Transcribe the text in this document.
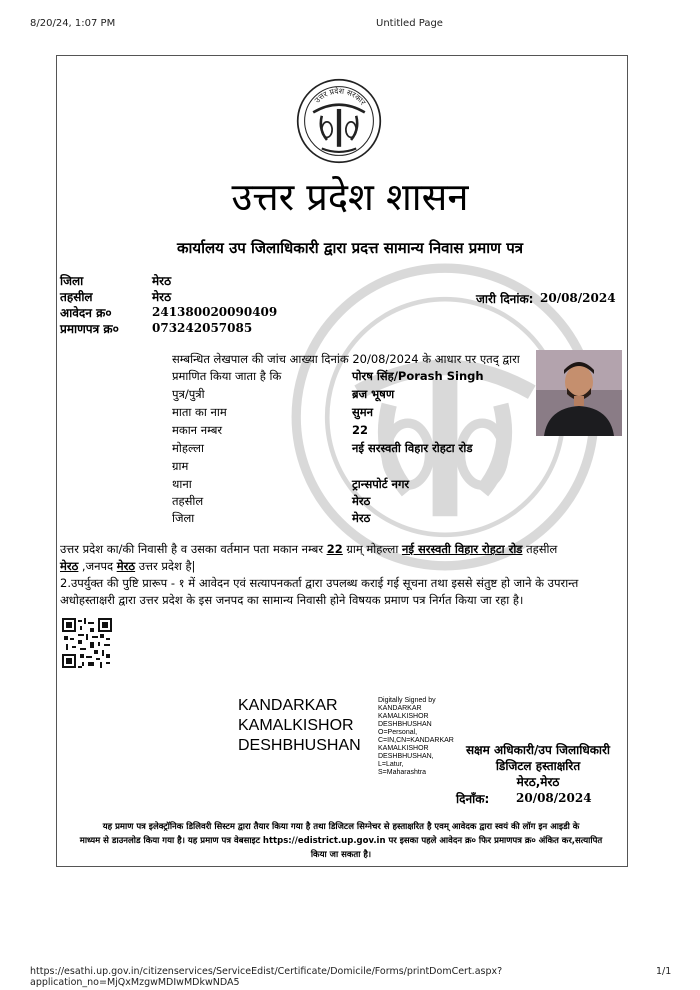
8/20/24, 1:07 PM	Untitled Page
उत्तर प्रदेश सरकार
उत्तर प्रदेश शासन
कार्यालय उप जिलाधिकारी द्वारा प्रदत्त सामान्य निवास प्रमाण पत्र
जिला	मेरठ
तहसील	मेरठ
आवेदन क्र०	241380020090409
प्रमाणपत्र क्र०	073242057085
जारी दिनांक: 20/08/2024
सम्बन्धित लेखपाल की जांच आख्या दिनांक 20/08/2024 के आधार पर एतद् द्वारा
प्रमाणित किया जाता है कि	पोरष सिंह/Porash Singh
पुत्र/पुत्री	ब्रज भूषण
माता का नाम	सुमन
मकान नम्बर	22
मोहल्ला	नई सरस्वती विहार रोहटा रोड
ग्राम
थाना	ट्रान्सपोर्ट नगर
तहसील	मेरठ
जिला	मेरठ
उत्तर प्रदेश का/की निवासी है व उसका वर्तमान पता मकान नम्बर 22 ग्राम् मोहल्ला नई सरस्वती विहार रोहटा रोड तहसील
मेरठ ,जनपद मेरठ उत्तर प्रदेश है|
2.उपर्युक्त की पुष्टि प्रारूप - १ में आवेदन एवं सत्यापनकर्ता द्वारा उपलब्ध कराई गई सूचना तथा इससे संतुष्ट हो जाने के उपरान्त
अधोहस्ताक्षरी द्वारा उत्तर प्रदेश के इस जनपद का सामान्य निवासी होने विषयक प्रमाण पत्र निर्गत किया जा रहा है।
KANDARKAR
KAMALKISHOR
DESHBHUSHAN
Digitally Signed by
KANDARKAR
KAMALKISHOR
DESHBHUSHAN
O=Personal,
C=IN,CN=KANDARKAR
KAMALKISHOR
DESHBHUSHAN,
L=Latur,
S=Maharashtra
सक्षम अधिकारी/उप जिलाधिकारी
डिजिटल हस्ताक्षरित
मेरठ,मेरठ
दिनाँक: 20/08/2024
यह प्रमाण पत्र इलेक्ट्रॉनिक डिलिवरी सिस्टम द्वारा तैयार किया गया है तथा डिजिटल सिग्नेचर से हस्ताक्षरित है एवम् आवेदक द्वारा स्वयं की लॉग इन आइडी के
माध्यम से डाउनलोड किया गया है। यह प्रमाण पत्र वेबसाइट https://edistrict.up.gov.in पर इसका पहले आवेदन क्र० फिर प्रमाणपत्र क्र० अंकित कर,सत्यापित
किया जा सकता है।
https://esathi.up.gov.in/citizenservices/ServiceEdist/Certificate/Domicile/Forms/printDomCert.aspx?application_no=MjQxMzgwMDIwMDkwNDA5
1/1
